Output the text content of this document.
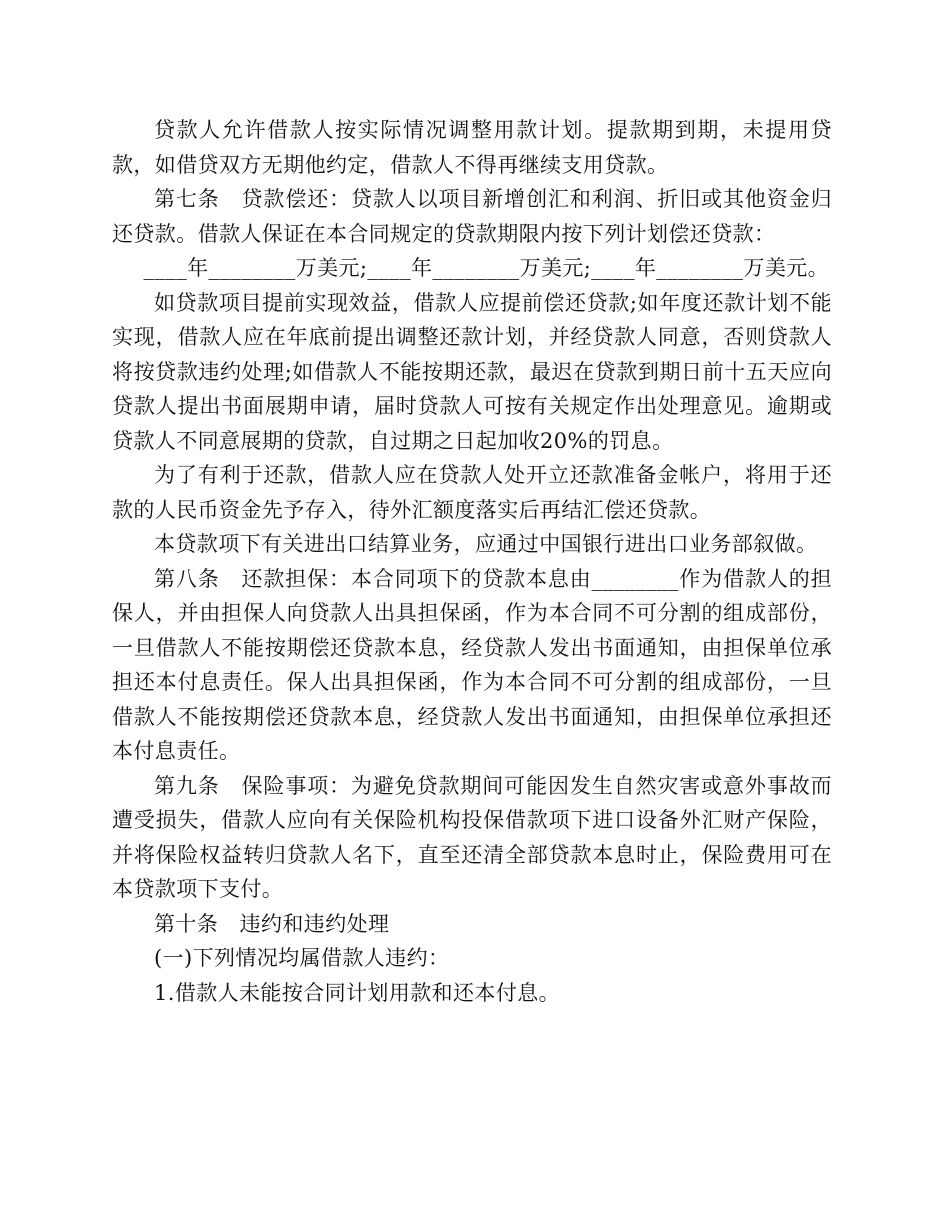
贷款人允许借款人按实际情况调整用款计划。提款期到期，未提用贷款，如借贷双方无期他约定，借款人不得再继续支用贷款。

第七条　贷款偿还：贷款人以项目新增创汇和利润、折旧或其他资金归还贷款。借款人保证在本合同规定的贷款期限内按下列计划偿还贷款：

____年________万美元;____年________万美元;____年________万美元。

如贷款项目提前实现效益，借款人应提前偿还贷款;如年度还款计划不能实现，借款人应在年底前提出调整还款计划，并经贷款人同意，否则贷款人将按贷款违约处理;如借款人不能按期还款，最迟在贷款到期日前十五天应向贷款人提出书面展期申请，届时贷款人可按有关规定作出处理意见。逾期或贷款人不同意展期的贷款，自过期之日起加收20%的罚息。

为了有利于还款，借款人应在贷款人处开立还款准备金帐户，将用于还款的人民币资金先予存入，待外汇额度落实后再结汇偿还贷款。

本贷款项下有关进出口结算业务，应通过中国银行进出口业务部叙做。

第八条　还款担保：本合同项下的贷款本息由________作为借款人的担保人，并由担保人向贷款人出具担保函，作为本合同不可分割的组成部份，一旦借款人不能按期偿还贷款本息，经贷款人发出书面通知，由担保单位承担还本付息责任。保人出具担保函，作为本合同不可分割的组成部份，一旦借款人不能按期偿还贷款本息，经贷款人发出书面通知，由担保单位承担还本付息责任。

第九条　保险事项：为避免贷款期间可能因发生自然灾害或意外事故而遭受损失，借款人应向有关保险机构投保借款项下进口设备外汇财产保险，并将保险权益转归贷款人名下，直至还清全部贷款本息时止，保险费用可在本贷款项下支付。

第十条　违约和违约处理

(一)下列情况均属借款人违约：

1.借款人未能按合同计划用款和还本付息。
